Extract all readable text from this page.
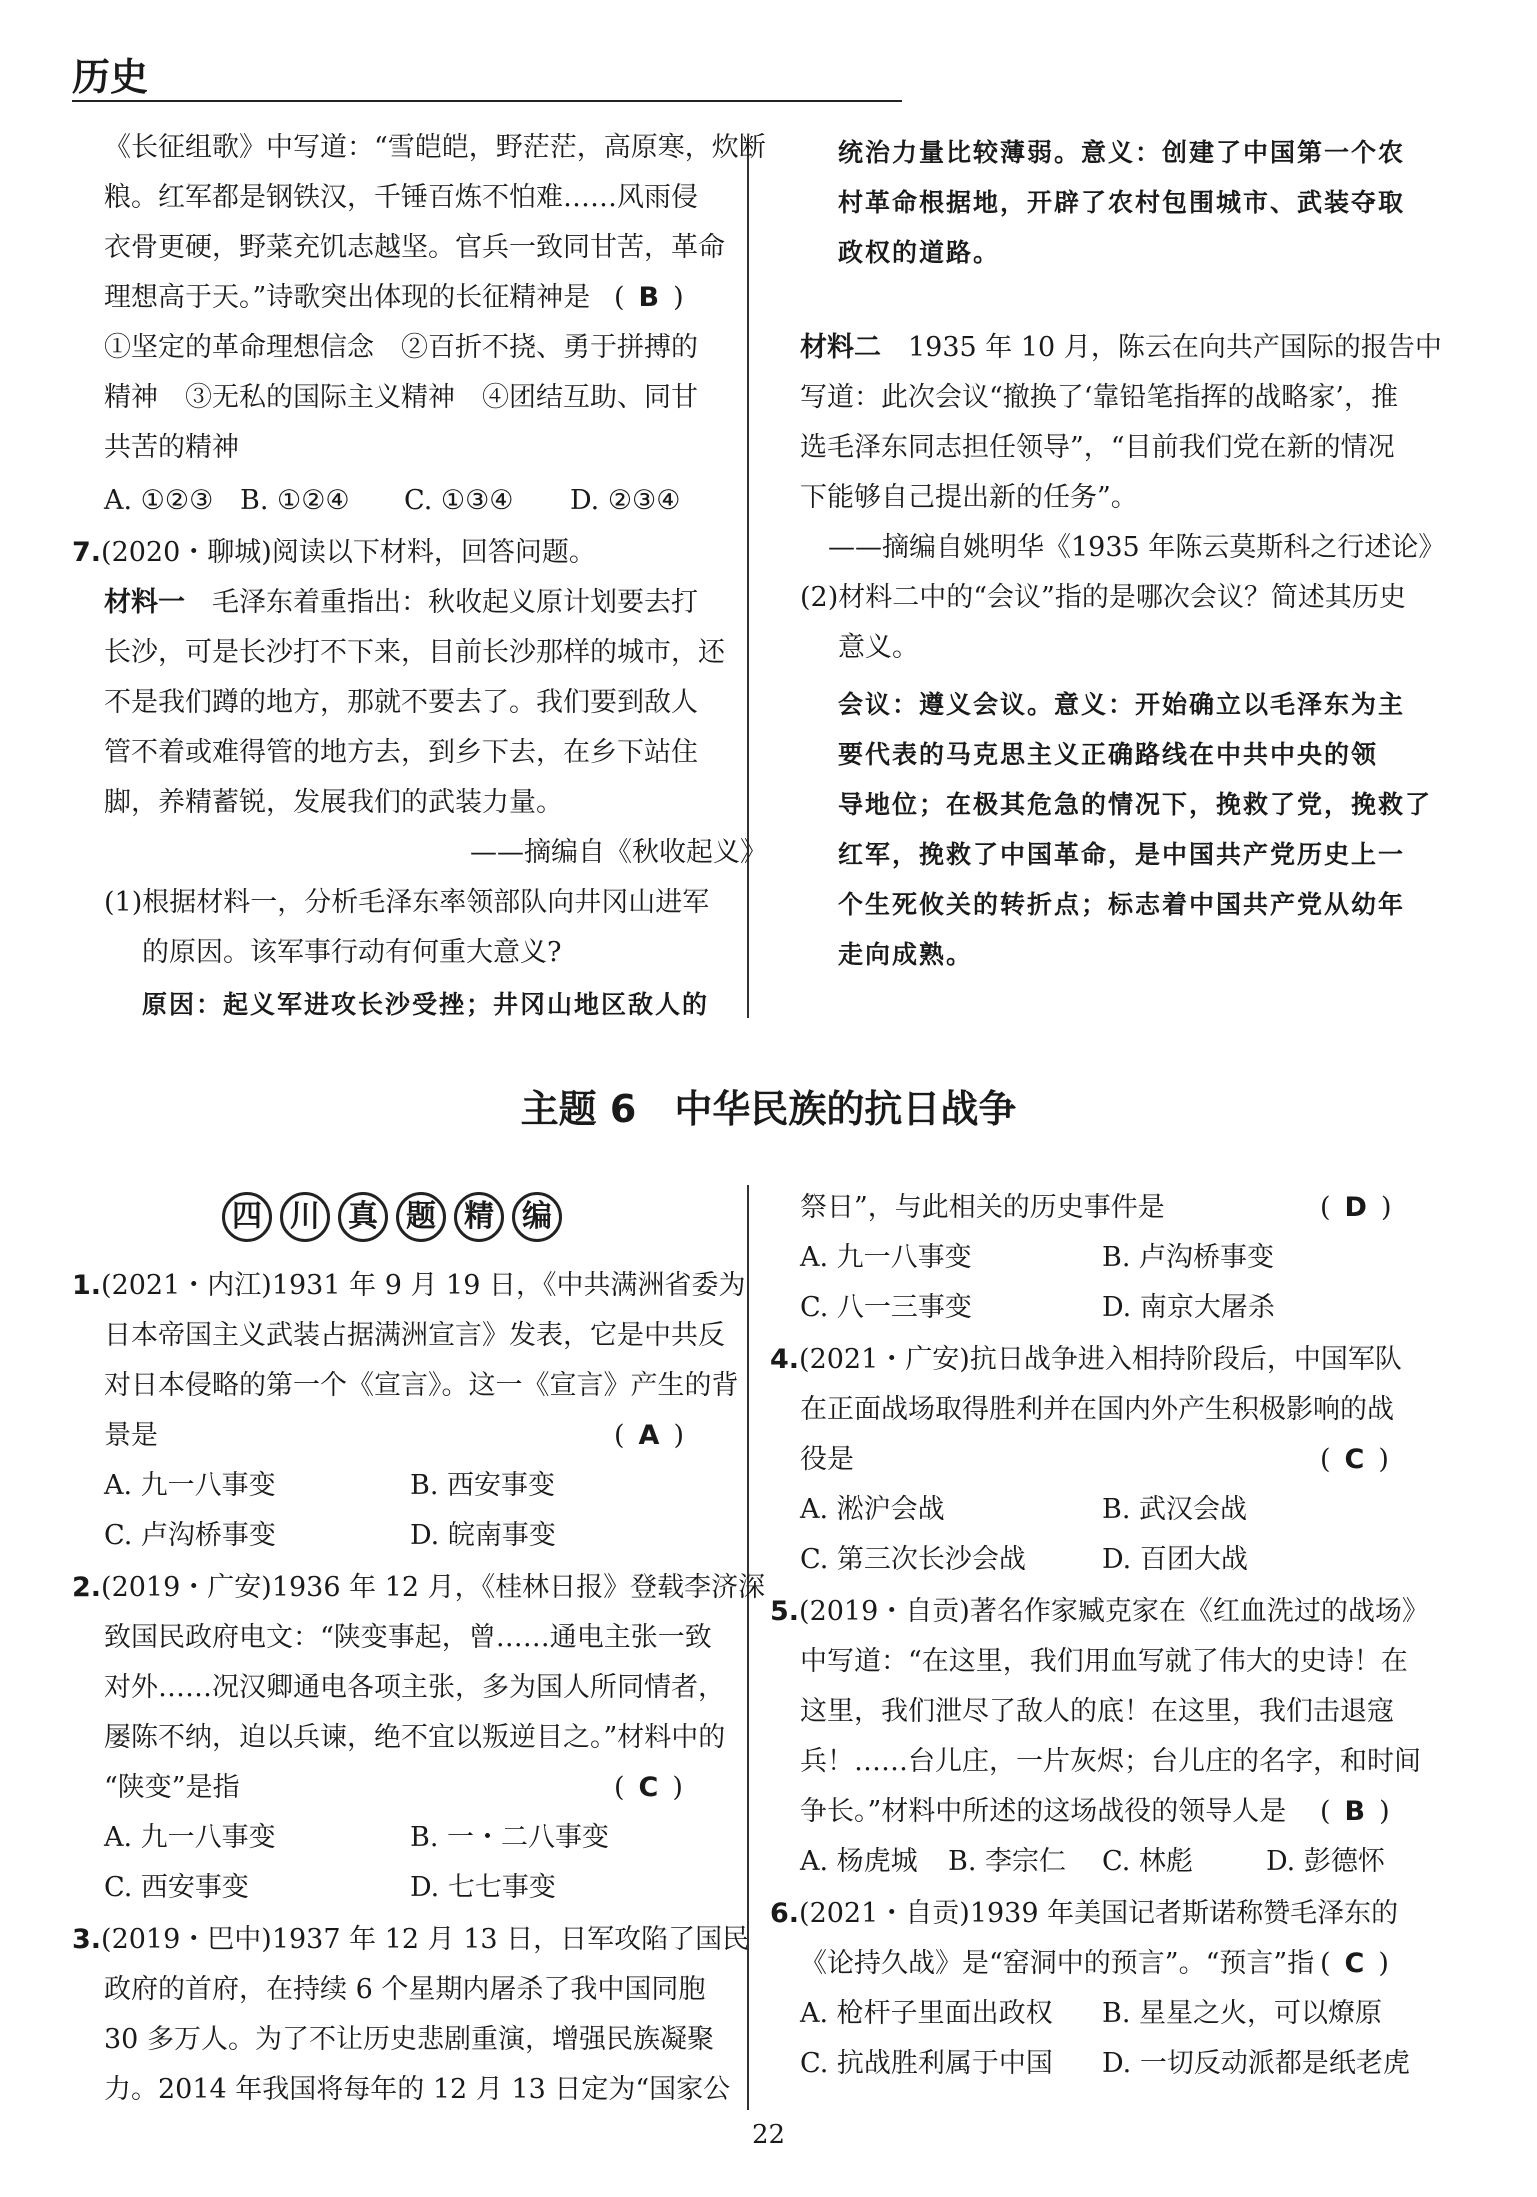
历史
《长征组歌》中写道：“雪皑皑，野茫茫，高原寒，炊断
粮。红军都是钢铁汉，千锤百炼不怕难……风雨侵
衣骨更硬，野菜充饥志越坚。官兵一致同甘苦，革命
理想高于天。”诗歌突出体现的长征精神是 ( B )
①坚定的革命理想信念　②百折不挠、勇于拼搏的
精神　③无私的国际主义精神　④团结互助、同甘
共苦的精神
A. ①②③ B. ①②④ C. ①③④ D. ②③④
7.(2020・聊城)阅读以下材料，回答问题。
材料一　毛泽东着重指出：秋收起义原计划要去打
长沙，可是长沙打不下来，目前长沙那样的城市，还
不是我们蹲的地方，那就不要去了。我们要到敌人
管不着或难得管的地方去，到乡下去，在乡下站住
脚，养精蓄锐，发展我们的武装力量。
——摘编自《秋收起义》
(1)根据材料一，分析毛泽东率领部队向井冈山进军
的原因。该军事行动有何重大意义?
原因：起义军进攻长沙受挫；井冈山地区敌人的
统治力量比较薄弱。意义：创建了中国第一个农
村革命根据地，开辟了农村包围城市、武装夺取
政权的道路。
材料二　1935 年 10 月，陈云在向共产国际的报告中
写道：此次会议“撤换了‘靠铅笔指挥的战略家’，推
选毛泽东同志担任领导”，“目前我们党在新的情况
下能够自己提出新的任务”。
——摘编自姚明华《1935 年陈云莫斯科之行述论》
(2)材料二中的“会议”指的是哪次会议？简述其历史
意义。
会议：遵义会议。意义：开始确立以毛泽东为主
要代表的马克思主义正确路线在中共中央的领
导地位；在极其危急的情况下，挽救了党，挽救了
红军，挽救了中国革命，是中国共产党历史上一
个生死攸关的转折点；标志着中国共产党从幼年
走向成熟。
主题 6　中华民族的抗日战争
四 川 真 题 精 编
1.(2021・内江)1931 年 9 月 19 日，《中共满洲省委为
日本帝国主义武装占据满洲宣言》发表，它是中共反
对日本侵略的第一个《宣言》。这一《宣言》产生的背
景是	( A )
A. 九一八事变	B. 西安事变
C. 卢沟桥事变	D. 皖南事变
2.(2019・广安)1936 年 12 月，《桂林日报》登载李济深
致国民政府电文：“陕变事起，曾……通电主张一致
对外……况汉卿通电各项主张，多为国人所同情者，
屡陈不纳，迫以兵谏，绝不宜以叛逆目之。”材料中的
“陕变”是指	( C )
A. 九一八事变	B. 一・二八事变
C. 西安事变	D. 七七事变
3.(2019・巴中)1937 年 12 月 13 日，日军攻陷了国民
政府的首府，在持续 6 个星期内屠杀了我中国同胞
30 多万人。为了不让历史悲剧重演，增强民族凝聚
力。2014 年我国将每年的 12 月 13 日定为“国家公
祭日”，与此相关的历史事件是	( D )
A. 九一八事变	B. 卢沟桥事变
C. 八一三事变	D. 南京大屠杀
4.(2021・广安)抗日战争进入相持阶段后，中国军队
在正面战场取得胜利并在国内外产生积极影响的战
役是	( C )
A. 淞沪会战	B. 武汉会战
C. 第三次长沙会战	D. 百团大战
5.(2019・自贡)著名作家臧克家在《红血洗过的战场》
中写道：“在这里，我们用血写就了伟大的史诗！在
这里，我们泄尽了敌人的底！在这里，我们击退寇
兵！……台儿庄，一片灰烬；台儿庄的名字，和时间
争长。”材料中所述的这场战役的领导人是 ( B )
A. 杨虎城 B. 李宗仁 C. 林彪	D. 彭德怀
6.(2021・自贡)1939 年美国记者斯诺称赞毛泽东的
《论持久战》是“窑洞中的预言”。“预言”指 ( C )
A. 枪杆子里面出政权 B. 星星之火，可以燎原
C. 抗战胜利属于中国 D. 一切反动派都是纸老虎
22
